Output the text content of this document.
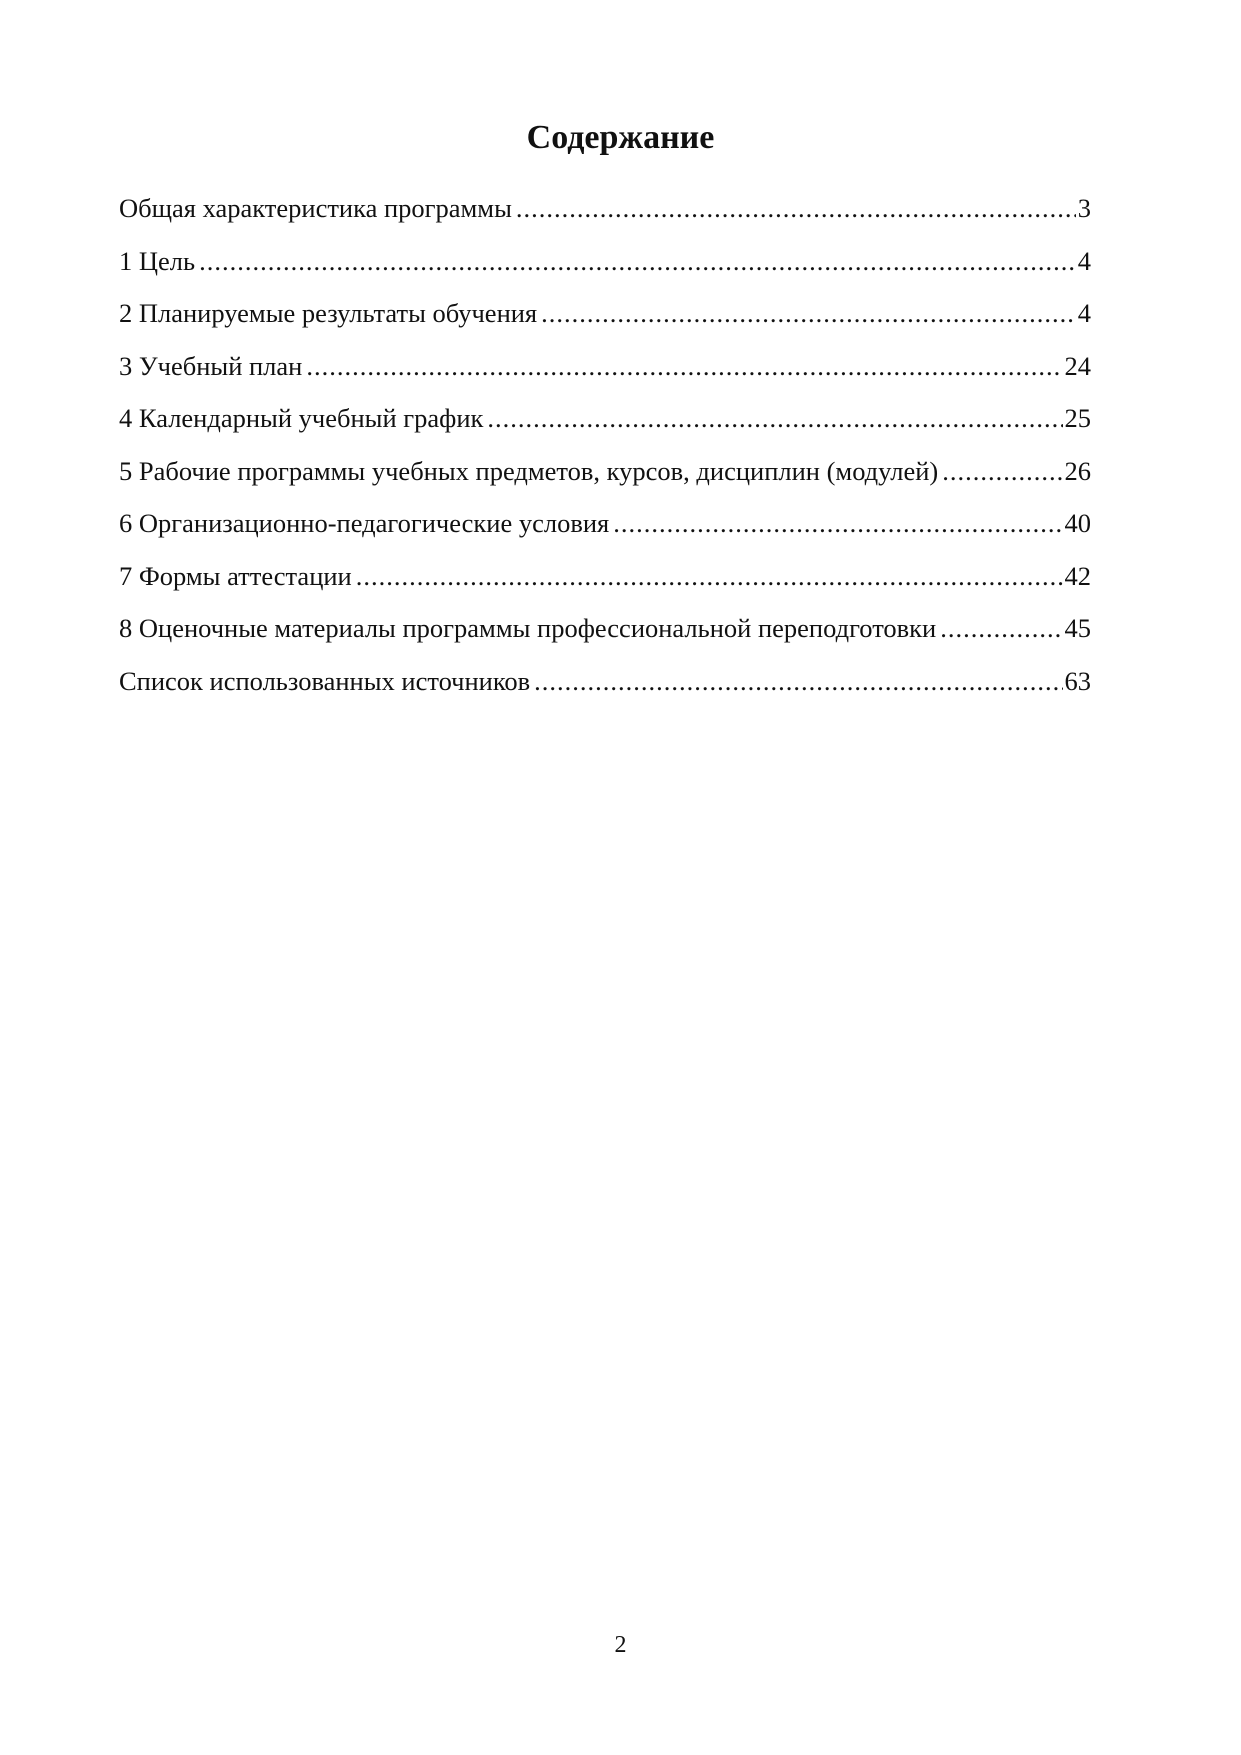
Содержание
Общая характеристика программы .....	3
1 Цель .....	4
2 Планируемые результаты обучения .....	4
3 Учебный план .....	24
4 Календарный учебный график .....	25
5 Рабочие программы учебных предметов, курсов, дисциплин (модулей) .....	26
6 Организационно-педагогические условия .....	40
7 Формы аттестации .....	42
8 Оценочные материалы программы профессиональной переподготовки .....	45
Список использованных источников .....	63
2
